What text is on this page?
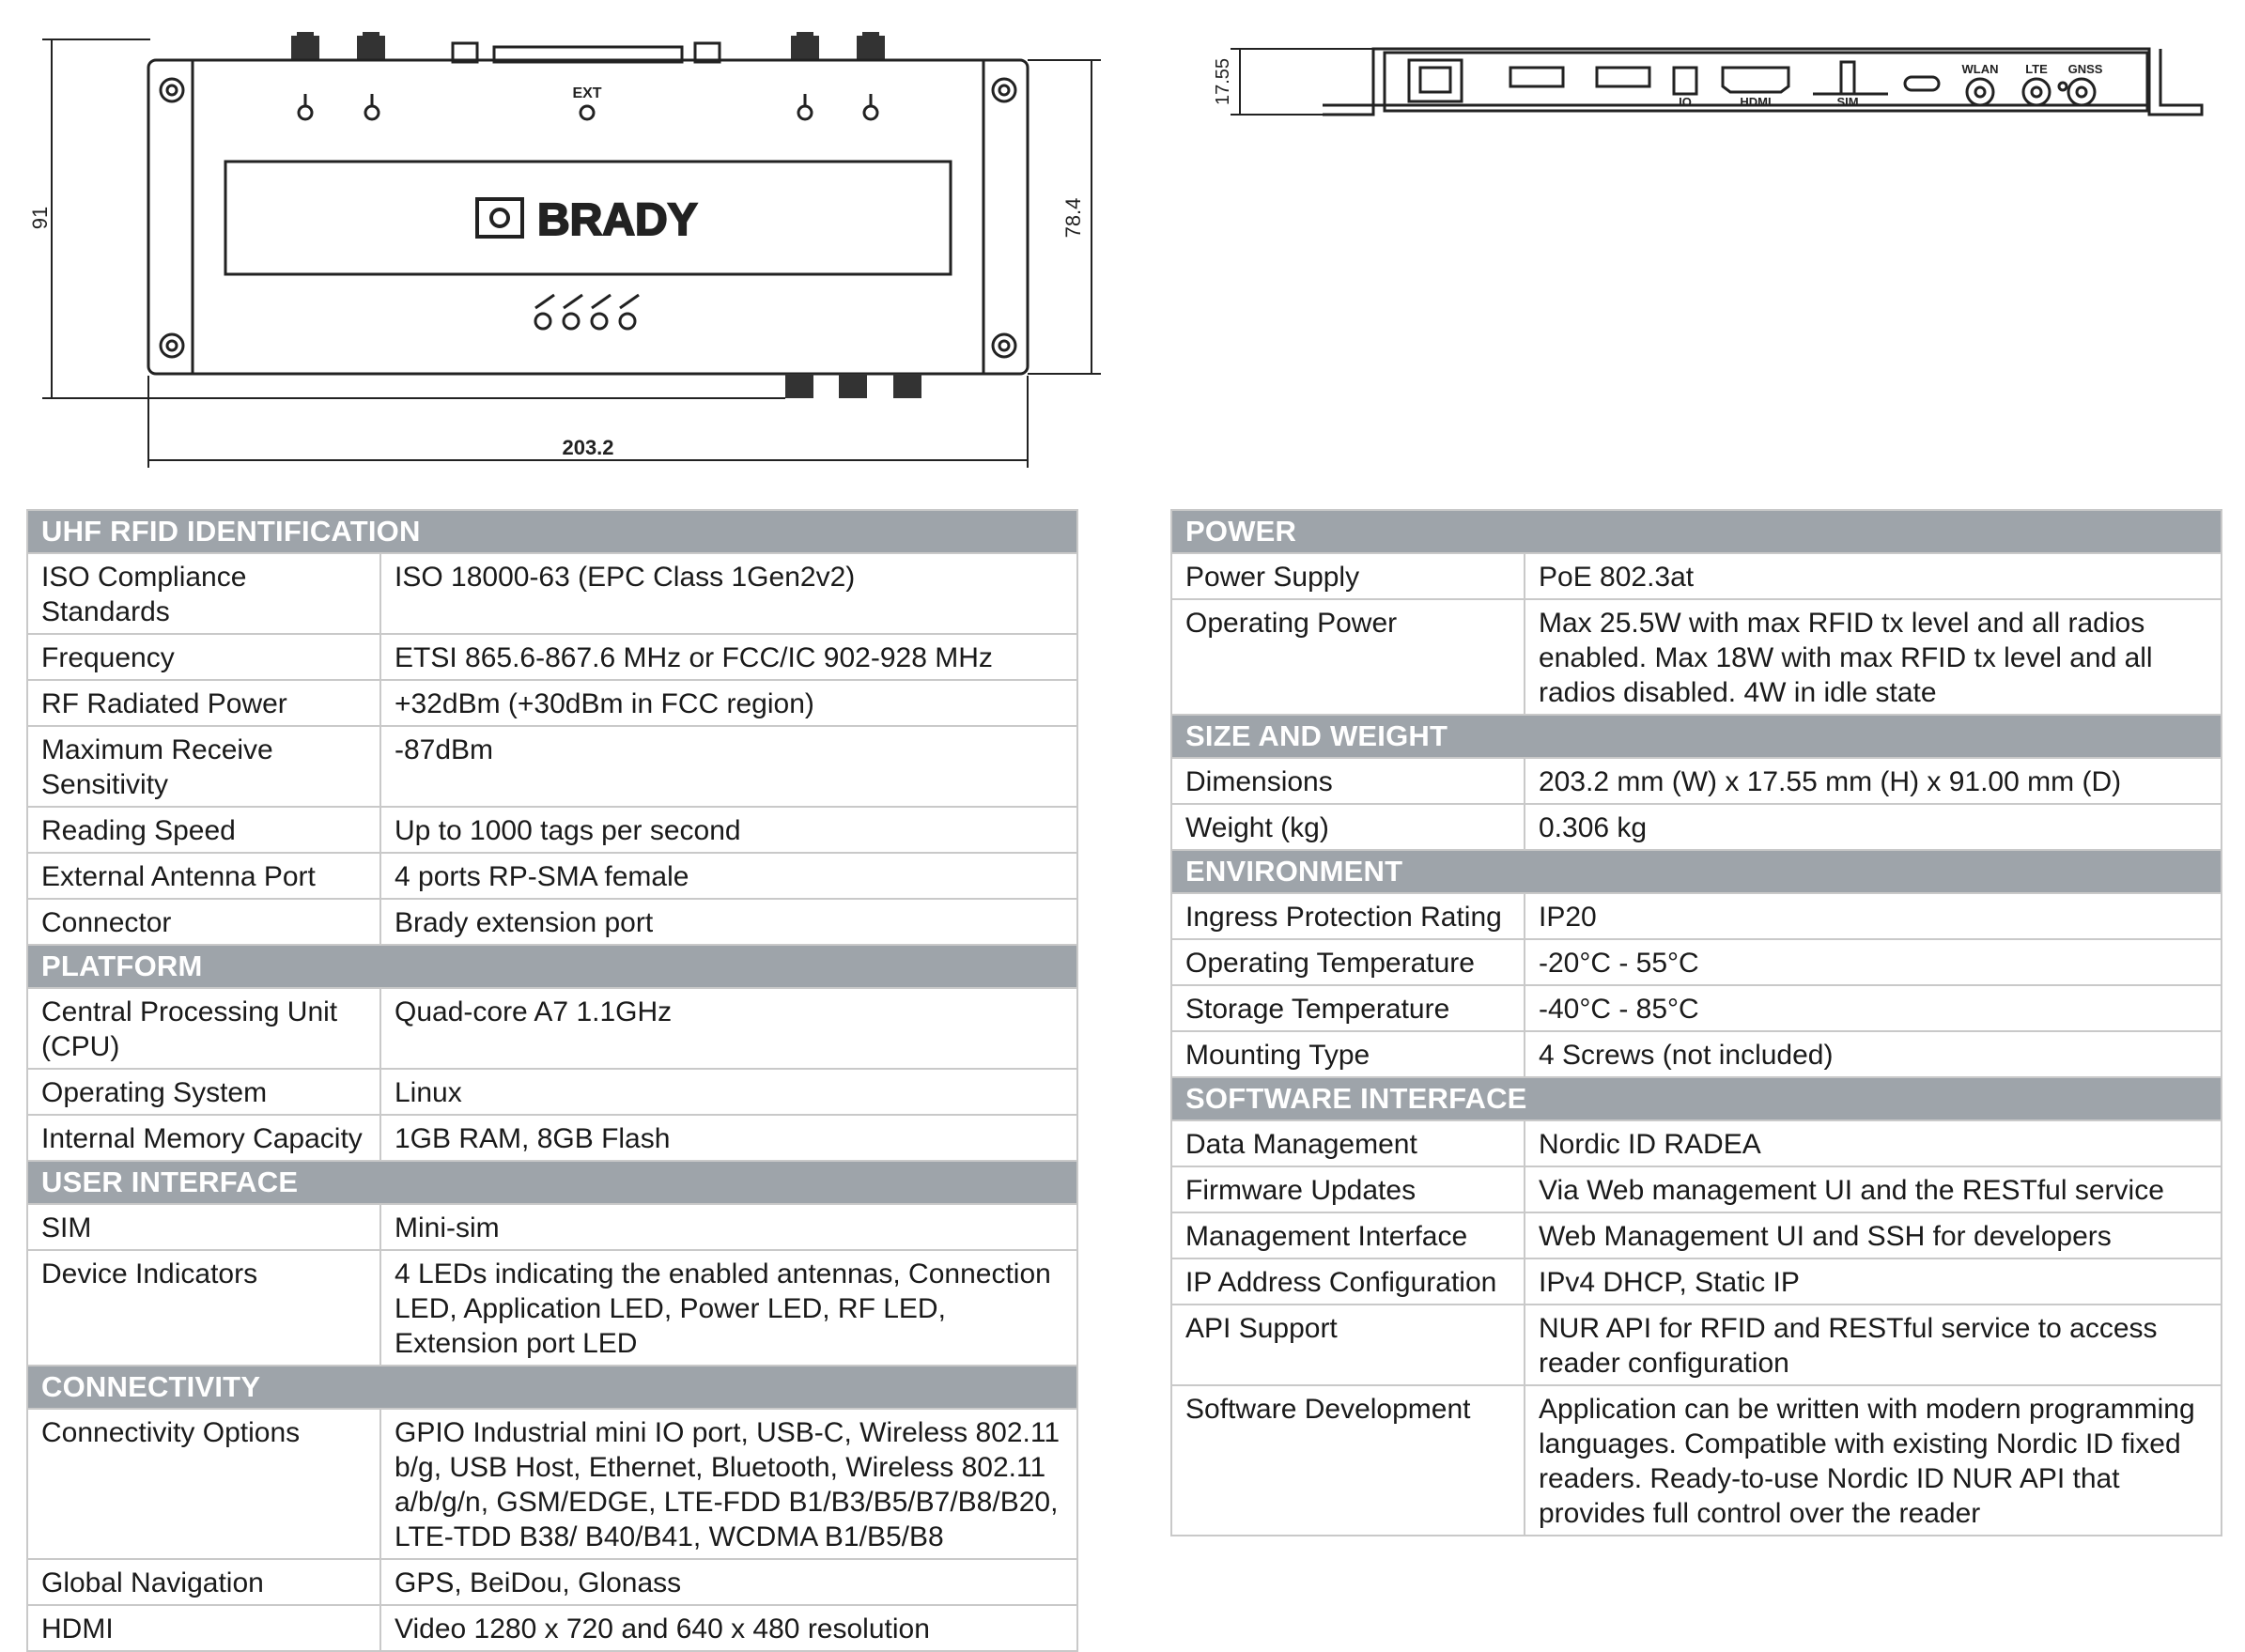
EXT
BRADY
91	78.4
203.2
17.55	IO	HDMI	SIM
WLAN LTE GNSS
UHF RFID IDENTIFICATION	
ISO Compliance Standards	ISO 18000-63 (EPC Class 1Gen2v2)
Frequency	ETSI 865.6-867.6 MHz or FCC/IC 902-928 MHz
RF Radiated Power	+32dBm (+30dBm in FCC region)
Maximum Receive Sensitivity	-87dBm
Reading Speed	Up to 1000 tags per second
External Antenna Port	4 ports RP-SMA female
Connector	Brady extension port
PLATFORM	
Central Processing Unit (CPU)	Quad-core A7 1.1GHz
Operating System	Linux
Internal Memory Capacity	1GB RAM, 8GB Flash
USER INTERFACE	
SIM	Mini-sim
Device Indicators	4 LEDs indicating the enabled antennas, Connection LED, Application LED, Power LED, RF LED, Extension port LED
CONNECTIVITY	
Connectivity Options	GPIO Industrial mini IO port, USB-C, Wireless 802.11 b/g, USB Host, Ethernet, Bluetooth, Wireless 802.11 a/b/g/n, GSM/EDGE, LTE-FDD B1/B3/B5/B7/B8/B20, LTE-TDD B38/ B40/B41, WCDMA B1/B5/B8
Global Navigation	GPS, BeiDou, Glonass
HDMI	Video 1280 x 720 and 640 x 480 resolution
POWER	
Power Supply	PoE 802.3at
Operating Power	Max 25.5W with max RFID tx level and all radios enabled. Max 18W with max RFID tx level and all radios disabled. 4W in idle state
SIZE AND WEIGHT	
Dimensions	203.2 mm (W) x 17.55 mm (H) x 91.00 mm (D)
Weight (kg)	0.306 kg
ENVIRONMENT	
Ingress Protection Rating	IP20
Operating Temperature	-20°C - 55°C
Storage Temperature	-40°C - 85°C
Mounting Type	4 Screws (not included)
SOFTWARE INTERFACE	
Data Management	Nordic ID RADEA
Firmware Updates	Via Web management UI and the RESTful service
Management Interface	Web Management UI and SSH for developers
IP Address Configuration	IPv4 DHCP, Static IP
API Support	NUR API for RFID and RESTful service to access reader configuration
Software Development	Application can be written with modern programming languages. Compatible with existing Nordic ID fixed readers. Ready-to-use Nordic ID NUR API that provides full control over the reader
